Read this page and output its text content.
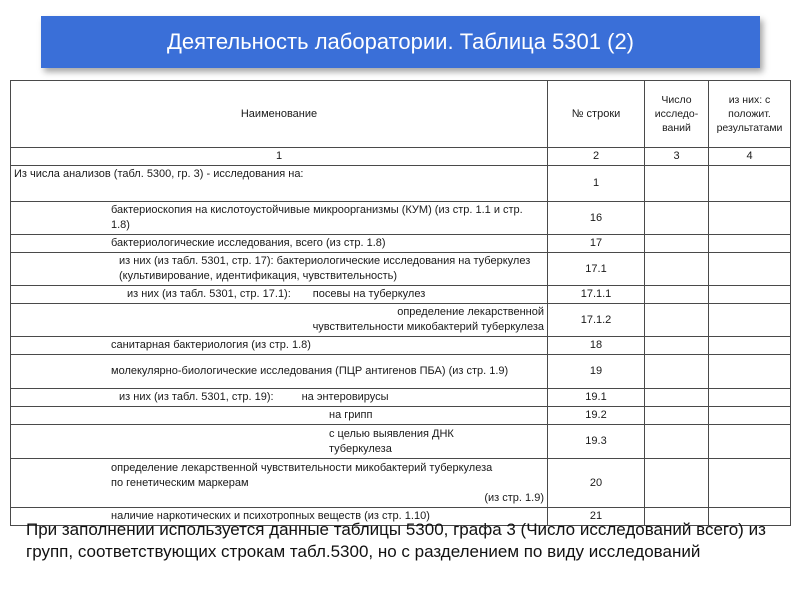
Деятельность лаборатории. Таблица 5301 (2)
Наименование	№ строки	Число исследо-ваний	из них: с положит. результатами
1	2	3	4
Из числа анализов (табл. 5300, гр. 3) - исследования на:	1		
бактериоскопия на кислотоустойчивые микроорганизмы (КУМ) (из стр. 1.1 и стр. 1.8)	16		
бактериологические исследования, всего (из стр. 1.8)	17		
из них (из табл. 5301, стр. 17): бактериологические исследования на туберкулез (культивирование, идентификация, чувствительность)	17.1		
из них (из табл. 5301, стр. 17.1): посевы на туберкулез	17.1.1		
определение лекарственной чувствительности микобактерий туберкулеза	17.1.2		
санитарная бактериология (из стр. 1.8)	18		
молекулярно-биологические исследования (ПЦР антигенов ПБА) (из стр. 1.9)	19		
из них (из табл. 5301, стр. 19): на энтеровирусы	19.1		
на грипп	19.2		
с целью выявления ДНК туберкулеза	19.3		

определение лекарственной чувствительности микобактерий туберкулеза по генетическим маркерам
(из стр. 1.9)	20		
наличие наркотических и психотропных веществ (из стр. 1.10)	21		
При заполнении используется данные таблицы 5300, графа 3 (Число исследований всего) из групп, соответствующих строкам табл.5300, но с разделением по виду исследований
